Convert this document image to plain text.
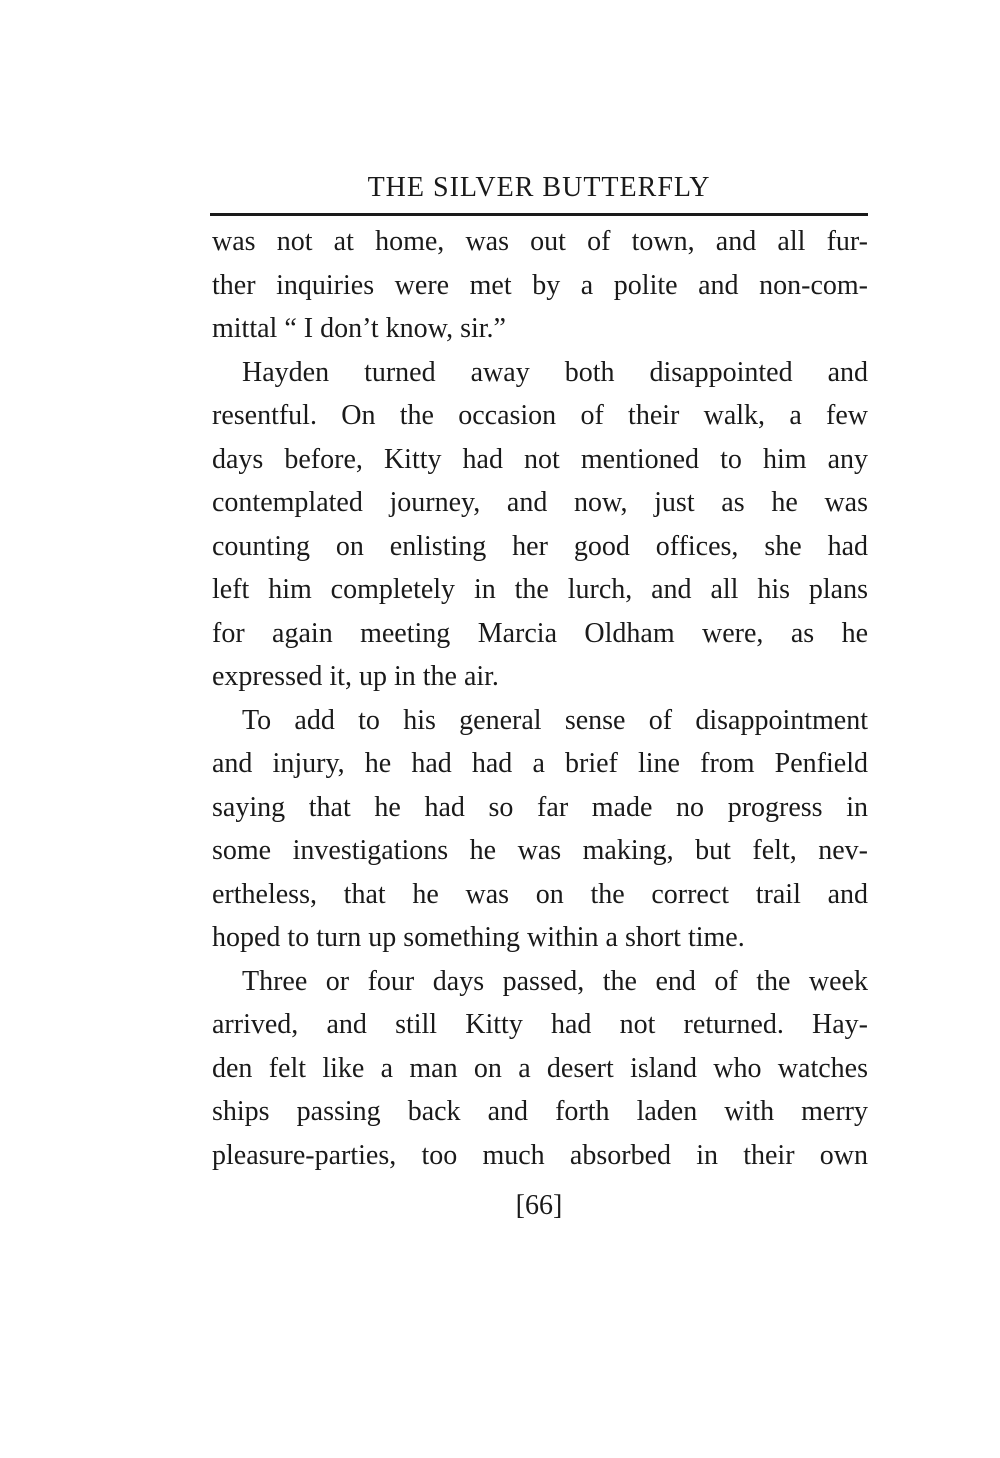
THE SILVER BUTTERFLY
was not at home, was out of town, and all fur-
ther inquiries were met by a polite and non-com-
mittal “ I don’t know, sir.”
Hayden turned away both disappointed and
resentful. On the occasion of their walk, a few
days before, Kitty had not mentioned to him any
contemplated journey, and now, just as he was
counting on enlisting her good offices, she had
left him completely in the lurch, and all his plans
for again meeting Marcia Oldham were, as he
expressed it, up in the air.
To add to his general sense of disappointment
and injury, he had had a brief line from Penfield
saying that he had so far made no progress in
some investigations he was making, but felt, nev-
ertheless, that he was on the correct trail and
hoped to turn up something within a short time.
Three or four days passed, the end of the week
arrived, and still Kitty had not returned. Hay-
den felt like a man on a desert island who watches
ships passing back and forth laden with merry
pleasure-parties, too much absorbed in their own
[66]
